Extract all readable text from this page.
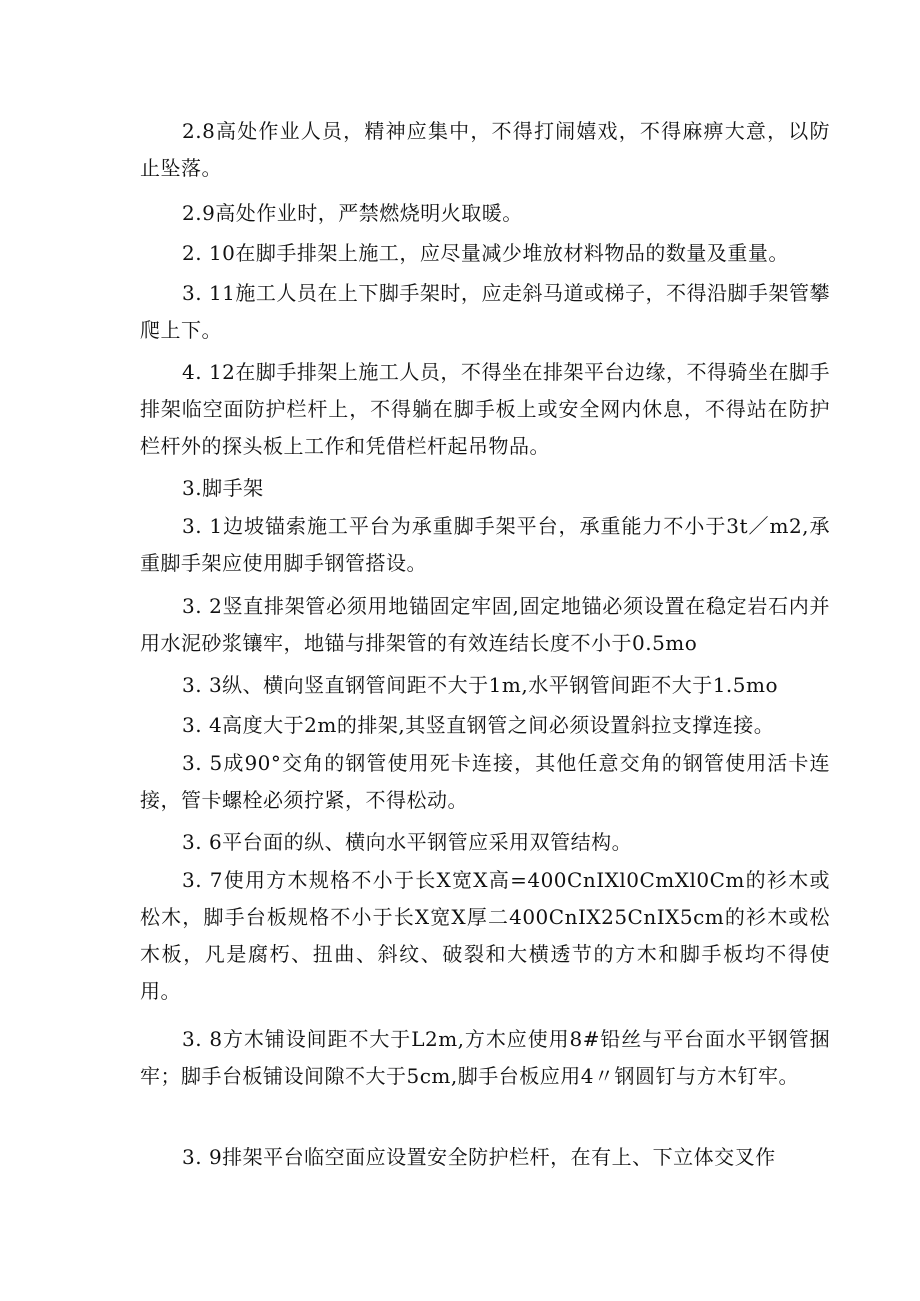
2.8高处作业人员，精神应集中，不得打闹嬉戏，不得麻痹大意，以防止坠落。

2.9高处作业时，严禁燃烧明火取暖。

2. 10在脚手排架上施工，应尽量减少堆放材料物品的数量及重量。

3. 11施工人员在上下脚手架时，应走斜马道或梯子，不得沿脚手架管攀爬上下。

4. 12在脚手排架上施工人员，不得坐在排架平台边缘，不得骑坐在脚手排架临空面防护栏杆上，不得躺在脚手板上或安全网内休息，不得站在防护栏杆外的探头板上工作和凭借栏杆起吊物品。

3.脚手架

3. 1边坡锚索施工平台为承重脚手架平台，承重能力不小于3t／m2,承重脚手架应使用脚手钢管搭设。

3. 2竖直排架管必须用地锚固定牢固,固定地锚必须设置在稳定岩石内并用水泥砂浆镶牢，地锚与排架管的有效连结长度不小于0.5mo

3. 3纵、横向竖直钢管间距不大于1m,水平钢管间距不大于1.5mo

3. 4高度大于2m的排架,其竖直钢管之间必须设置斜拉支撑连接。

3. 5成90°交角的钢管使用死卡连接，其他任意交角的钢管使用活卡连接，管卡螺栓必须拧紧，不得松动。

3. 6平台面的纵、横向水平钢管应采用双管结构。

3. 7使用方木规格不小于长X宽X高=400CnIXl0CmXl0Cm的衫木或松木，脚手台板规格不小于长X宽X厚二400CnIX25CnIX5cm的衫木或松木板，凡是腐朽、扭曲、斜纹、破裂和大横透节的方木和脚手板均不得使用。

3. 8方木铺设间距不大于L2m,方木应使用8#铅丝与平台面水平钢管捆牢；脚手台板铺设间隙不大于5cm,脚手台板应用4〃钢圆钉与方木钉牢。

3. 9排架平台临空面应设置安全防护栏杆，在有上、下立体交叉作
